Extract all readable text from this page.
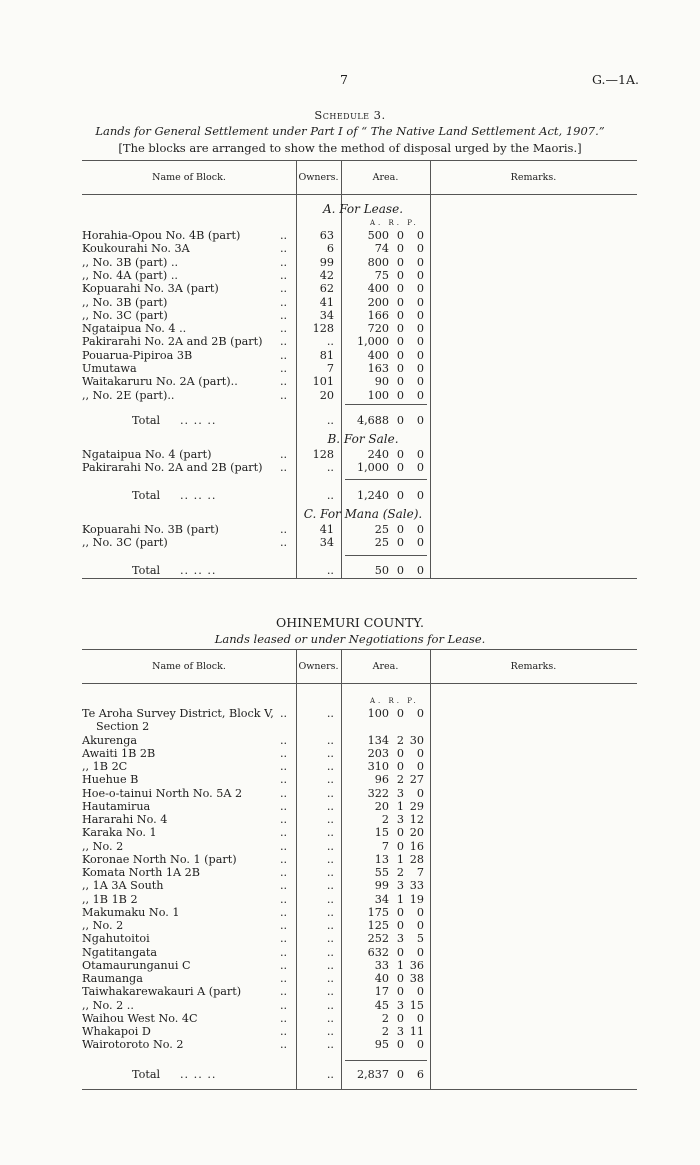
7	G.—1A.
Schedule 3.
Lands for General Settlement under Part I of “ The Native Land Settlement Act, 1907.”
[The blocks are arranged to show the method of disposal urged by the Maoris.]
Name of Block.	Owners.	Area.	Remarks.
A. For Lease.
A. R. P.
Horahia-Opou No. 4B (part)	63	500 0	0
..
Koukourahi No. 3A	6	74 0	0
..
,, No. 3B (part) ..	99	800 0	0
..
,, No. 4A (part) ..	42	75 0	0
..
Kopuarahi No. 3A (part)	62	400 0	0
..
,, No. 3B (part)	41	200 0	0
..
,, No. 3C (part)	34	166 0	0
..
Ngataipua No. 4 ..	128	720 0	0
..
Pakirarahi No. 2A and 2B (part)	..	1,000 0	0
..
Pouarua-Pipiroa 3B	81	400 0	0
..
Umutawa	7	163 0	0
..
Waitakaruru No. 2A (part)..	101	90 0	0
..
,, No. 2E (part)..	20	100 0	0
..
Total	..	4,688 0	0
.. .. ..
B. For Sale.
Ngataipua No. 4 (part)	128	240 0	0
..
Pakirarahi No. 2A and 2B (part)	..	1,000 0	0
..
Total	..	1,240 0	0
.. .. ..
C. For Mana (Sale).
Kopuarahi No. 3B (part)	41	25 0	0
..
,, No. 3C (part)	34	25 0	0
..
Total	..	50 0	0
.. .. ..
OHINEMURI COUNTY.
Lands leased or under Negotiations for Lease.
Name of Block.	Owners.	Area.	Remarks.
A. R. P.
Te Aroha Survey District, Block V,	..	100 0	0
..
Section 2
Akurenga	..	134 2 30
..
Awaiti 1B 2B	..	203 0	0
..
,, 1B 2C	..	310 0	0
..
Huehue B	..	96 2 27
..
Hoe-o-tainui North No. 5A 2	..	322 3	0
..
Hautamirua	..	20 1 29
..
Hararahi No. 4	..	2 3 12
..
Karaka No. 1	..	15 0 20
..
,, No. 2	..	7 0 16
..
Koronae North No. 1 (part)	..	13 1 28
..
Komata North 1A 2B	..	55 2	7
..
,, 1A 3A South	..	99 3 33
..
,, 1B 1B 2	..	34 1 19
..
Makumaku No. 1	..	175 0	0
..
,, No. 2	..	125 0	0
..
Ngahutoitoi	..	252 3	5
..
Ngatitangata	..	632 0	0
..
Otamaurunganui C	..	33 1 36
..
Raumanga	..	40 0 38
..
Taiwhakarewakauri A (part)	..	17 0	0
..
,, No. 2 ..	..	45 3 15
..
Waihou West No. 4C	..	2 0	0
..
Whakapoi D	..	2 3 11
..
Wairotoroto No. 2	..	95 0	0
..
Total	..	2,837 0	6
.. .. ..
